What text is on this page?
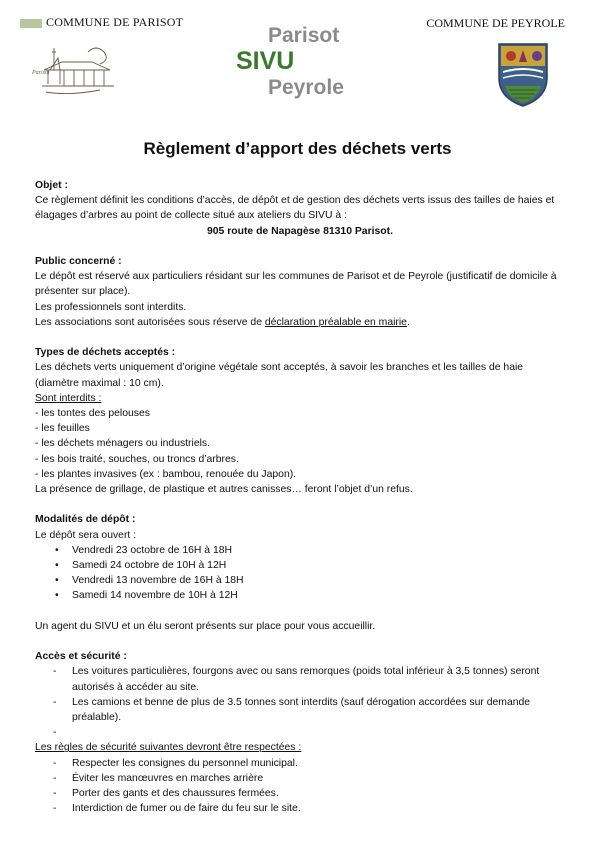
COMMUNE DE PARISOT	COMMUNE DE PEYROLE
Parisot
Parisot
SIVU
Peyrole
Règlement d’apport des déchets verts

Objet :

Ce règlement définit les conditions d’accès, de dépôt et de gestion des déchets verts issus des tailles de haies et élagages d’arbres au point de collecte situé aux ateliers du SIVU à :

905 route de Napagèse 81310 Parisot.

Public concerné :

Le dépôt est réservé aux particuliers résidant sur les communes de Parisot et de Peyrole (justificatif de domicile à présenter sur place).

Les professionnels sont interdits.

Les associations sont autorisées sous réserve de déclaration préalable en mairie.

Types de déchets acceptés :

Les déchets verts uniquement d’origine végétale sont acceptés, à savoir les branches et les tailles de haie (diamètre maximal : 10 cm).

Sont interdits :

- les tontes des pelouses

- les feuilles

- les déchets ménagers ou industriels.

- les bois traité, souches, ou troncs d’arbres.

- les plantes invasives (ex : bambou, renouée du Japon).

La présence de grillage, de plastique et autres canisses… feront l’objet d’un refus.

Modalités de dépôt :

Le dépôt sera ouvert :

• Vendredi 23 octobre de 16H à 18H
• Samedi 24 octobre de 10H à 12H
• Vendredi 13 novembre de 16H à 18H
• Samedi 14 novembre de 10H à 12H

Un agent du SIVU et un élu seront présents sur place pour vous accueillir.

Accès et sécurité :

- Les voitures particulières, fourgons avec ou sans remorques (poids total inférieur à 3,5 tonnes) seront autorisés à accéder au site.
- Les camions et benne de plus de 3.5 tonnes sont interdits (sauf dérogation accordées sur demande préalable).
-

Les règles de sécurité suivantes devront être respectées :

- Respecter les consignes du personnel municipal.
- Éviter les manœuvres en marches arrière
- Porter des gants et des chaussures fermées.
- Interdiction de fumer ou de faire du feu sur le site.
